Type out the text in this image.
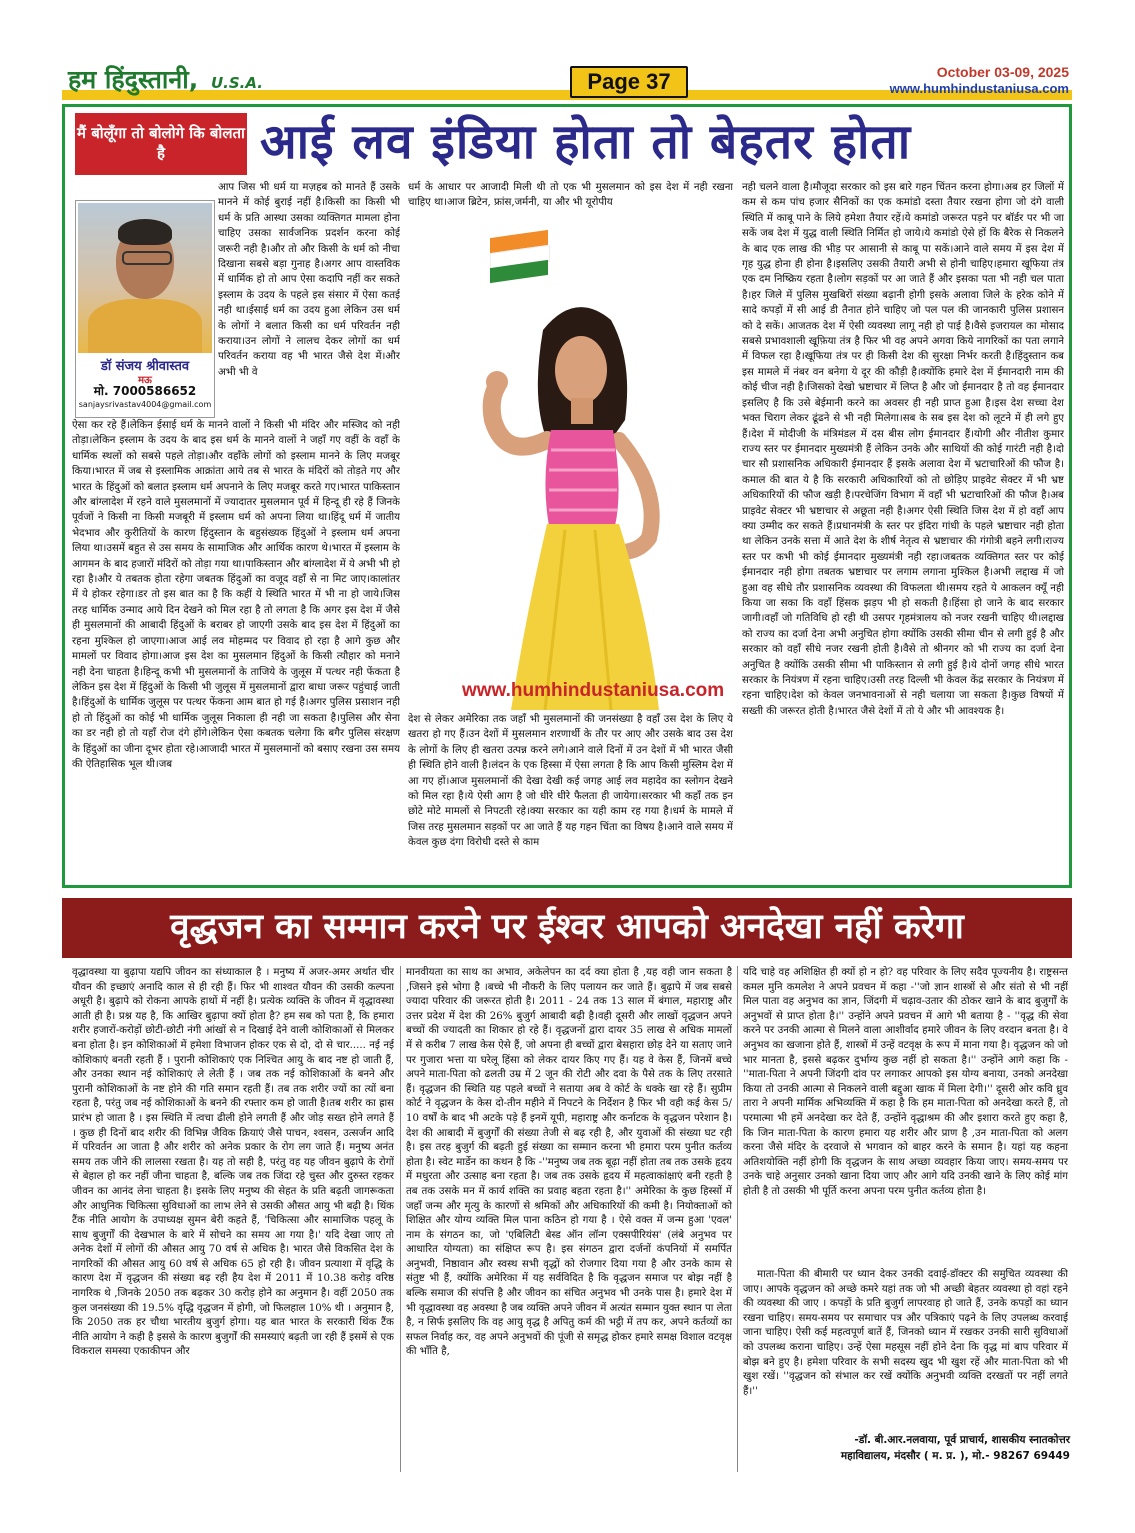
हम हिंदुस्तानी, U.S.A.	Page 37	October 03-09, 2025
www.humhindustaniusa.com
मैं बोलूँगा तो बोलोगे कि बोलता है	आई लव इंडिया होता तो बेहतर होता
डॉ संजय श्रीवास्तव
मऊ
मो. 7000586652
sanjaysrivastav4004@gmail.com

आप जिस भी धर्म या मज़हब को मानते हैं उसके मानने में कोई बुराई नहीं है।किसी का किसी भी धर्म के प्रति आस्था उसका व्यक्तिगत मामला होना चाहिए उसका सार्वजनिक प्रदर्शन करना कोई जरूरी नही है।और तो और किसी के धर्म को नीचा दिखाना सबसे बड़ा गुनाह है।अगर आप वास्तविक में धार्मिक हो तो आप ऐसा कदापि नहीं कर सकते इस्लाम के उदय के पहले इस संसार में ऐसा कतई नही था।ईसाई धर्म का उदय हुआ लेकिन उस धर्म के लोगों ने बलात किसी का धर्म परिवर्तन नही कराया।उन लोगों ने लालच देकर लोगों का धर्म परिवर्तन कराया वह भी भारत जैसे देश में।और अभी भी वे

ऐसा कर रहे हैं।लेकिन ईसाई धर्म के मानने वालों ने किसी भी मंदिर और मस्जिद को नही तोड़ा।लेकिन इस्लाम के उदय के बाद इस धर्म के मानने वालों ने जहाँ गए वहीं के वहाँ के धार्मिक स्थलों को सबसे पहले तोड़ा।और वहाँके लोगों को इस्लाम मानने के लिए मजबूर किया।भारत में जब से इस्लामिक आक्रांता आये तब से भारत के मंदिरों को तोड़ते गए और भारत के हिंदुओं को बलात इस्लाम धर्म अपनाने के लिए मजबूर करते गए।भारत पाकिस्तान और बांग्लादेश में रहने वाले मुसलमानों में ज्यादातर मुसलमान पूर्व में हिन्दू ही रहे हैं जिनके पूर्वजों ने किसी ना किसी मजबूरी में इस्लाम धर्म को अपना लिया था।हिंदू धर्म में जातीय भेदभाव और कुरीतियों के कारण हिंदुस्तान के बहुसंख्यक हिंदुओं ने इस्लाम धर्म अपना लिया था।उसमें बहुत से उस समय के सामाजिक और आर्थिक कारण थे।भारत में इस्लाम के आगमन के बाद हजारों मंदिरों को तोड़ा गया था।पाकिस्तान और बांग्लादेश में ये अभी भी हो रहा है।और ये तबतक होता रहेगा जबतक हिंदुओं का वजूद वहाँ से ना मिट जाए।कालांतर में ये होकर रहेगा।डर तो इस बात का है कि कहीं ये स्थिति भारत में भी ना हो जाये।जिस तरह धार्मिक उन्माद आये दिन देखने को मिल रहा है तो लगता है कि अगर इस देश में जैसे ही मुसलमानों की आबादी हिंदुओं के बराबर हो जाएगी उसके बाद इस देश में हिंदुओं का रहना मुश्किल हो जाएगा।आज आई लव मोहम्मद पर विवाद हो रहा है आगे कुछ और मामलों पर विवाद होगा।आज इस देश का मुसलमान हिंदुओं के किसी त्यौहार को मनाने नही देना चाहता है।हिन्दू कभी भी मुसलमानों के ताजिये के जुलूस में पत्थर नही फेंकता है लेकिन इस देश में हिंदुओं के किसी भी जुलूस में मुसलमानों द्वारा बाधा जरूर पहुंचाई जाती है।हिंदुओं के धार्मिक जुलूस पर पत्थर फेंकना आम बात हो गई है।अगर पुलिस प्रसाशन नही हो तो हिंदुओं का कोई भी धार्मिक जुलूस निकाला ही नही जा सकता है।पुलिस और सेना का डर नही हो तो यहाँ रोज दंगे होंगे।लेकिन ऐसा कबतक चलेगा कि बगैर पुलिस संरक्षण के हिंदुओं का जीना दूभर होता रहे।आजादी भारत में मुसलमानों को बसाए रखना उस समय की ऐतिहासिक भूल थी।जब

धर्म के आधार पर आजादी मिली थी तो एक भी मुसलमान को इस देश में नही रखना चाहिए था।आज ब्रिटेन, फ्रांस,जर्मनी, या और भी यूरोपीय

www.humhindustaniusa.com

देश से लेकर अमेरिका तक जहाँ भी मुसलमानों की जनसंख्या है वहाँ उस देश के लिए ये खतरा हो गए हैं।उन देशों में मुसलमान शरणार्थी के तौर पर आए और उसके बाद उस देश के लोगों के लिए ही खतरा उत्पन्न करने लगे।आने वाले दिनों में उन देशों में भी भारत जैसी ही स्थिति होने वाली है।लंदन के एक हिस्सा में ऐसा लगता है कि आप किसी मुस्लिम देश में आ गए हों।आज मुसलमानों की देखा देखी कई जगह आई लव महादेव का स्लोगन देखने को मिल रहा है।ये ऐसी आग है जो धीरे धीरे फैलता ही जायेगा।सरकार भी कहाँ तक इन छोटे मोटे मामलों से निपटती रहे।क्या सरकार का यही काम रह गया है।धर्म के मामले में जिस तरह मुसलमान सड़कों पर आ जाते हैं यह गहन चिंता का विषय है।आने वाले समय में केवल कुछ दंगा विरोधी दस्ते से काम

नही चलने वाला है।मौजूदा सरकार को इस बारे गहन चिंतन करना होगा।अब हर जिलों में कम से कम पांच हजार सैनिकों का एक कमांडो दस्ता तैयार रखना होगा जो दंगे वाली स्थिति में काबू पाने के लिये हमेशा तैयार रहें।ये कमांडो जरूरत पड़ने पर बॉर्डर पर भी जा सकें जब देश में युद्ध वाली स्थिति निर्मित हो जाये।ये कमांडो ऐसे हों कि बैरेक से निकलने के बाद एक लाख की भीड़ पर आसानी से काबू पा सकें।आने वाले समय में इस देश में गृह युद्ध होना ही होना है।इसलिए उसकी तैयारी अभी से होनी चाहिए।हमारा खूफिया तंत्र एक दम निष्क्रिय रहता है।लोग सड़कों पर आ जाते हैं और इसका पता भी नही चल पाता है।हर जिले में पुलिस मुखबिरों संख्या बढ़ानी होगी इसके अलावा जिले के हरेक कोने में सादे कपड़ों में सी आई डी तैनात होने चाहिए जो पल पल की जानकारी पुलिस प्रशासन को दे सकें। आजतक देश में ऐसी व्यवस्था लागू नही हो पाई है।वैसे इजरायल का मोसाद सबसे प्रभावशाली खूफ़िया तंत्र है फिर भी वह अपने अगवा किये नागरिकों का पता लगाने में विफल रहा है।खूफिया तंत्र पर ही किसी देश की सुरक्षा निर्भर करती है।हिंदुस्तान कब इस मामले में नंबर वन बनेगा ये दूर की कौड़ी है।क्योंकि हमारे देश में ईमानदारी नाम की कोई चीज नही है।जिसको देखो भ्रष्टाचार में लिप्त है और जो ईमानदार है तो वह ईमानदार इसलिए है कि उसे बेईमानी करने का अवसर ही नही प्राप्त हुआ है।इस देश सच्चा देश भक्त चिराग लेकर ढूंढने से भी नही मिलेगा।सब के सब इस देश को लूटने में ही लगे हुए हैं।देश में मोदीजी के मंत्रिमंडल में दस बीस लोग ईमानदार हैं।योगी और नीतीश कुमार राज्य स्तर पर ईमानदार मुख्यमंत्री हैं लेकिन उनके और साथियों की कोई गारंटी नही है।दो चार सौ प्रशासनिक अधिकारी ईमानदार हैं इसके अलावा देश में भ्रटाचारिओं की फौज है।कमाल की बात ये है कि सरकारी अधिकारियों को तो छोड़िए प्राइवेट सेक्टर में भी भ्रष्ट अधिकारियों की फौज खड़ी है।परचेजिंग विभाग में वहाँ भी भ्रटाचारिओं की फौज है।अब प्राइवेट सेक्टर भी भ्रष्टाचार से अछूता नही है।अगर ऐसी स्थिति जिस देश में हो वहाँ आप क्या उम्मीद कर सकते हैं।प्रधानमंत्री के स्तर पर इंदिरा गांधी के पहले भ्रष्टाचार नही होता था लेकिन उनके सत्ता में आते देश के शीर्ष नेतृत्व से भ्रष्टाचार की गंगोत्री बहने लगी।राज्य स्तर पर कभी भी कोई ईमानदार मुख्यमंत्री नही रहा।जबतक व्यक्तिगत स्तर पर कोई ईमानदार नही होगा तबतक भ्रष्टाचार पर लगाम लगाना मुश्किल है।अभी लद्दाख में जो हुआ वह सीधे तौर प्रशासनिक व्यवस्था की विफलता थी।समय रहते ये आकलन क्यूँ नही किया जा सका कि वहाँ हिंसक झड़प भी हो सकती है।हिंसा हो जाने के बाद सरकार जागी।वहाँ जो गतिविधि हो रही थी उसपर गृहमंत्रालय को नजर रखनी चाहिए थी।लद्दाख को राज्य का दर्जा देना अभी अनुचित होगा क्योंकि उसकी सीमा चीन से लगी हुई है और सरकार को वहाँ सीधे नजर रखनी होती है।वैसे तो श्रीनगर को भी राज्य का दर्जा देना अनुचित है क्योंकि उसकी सीमा भी पाकिस्तान से लगी हुई है।ये दोनों जगह सीधे भारत सरकार के नियंत्रण में रहना चाहिए।उसी तरह दिल्ली भी केवल केंद्र सरकार के नियंत्रण में रहना चाहिए।देश को केवल जनभावनाओं से नही चलाया जा सकता है।कुछ विषयों में सख्ती की जरूरत होती है।भारत जैसे देशों में तो ये और भी आवश्यक है।

वृद्धजन का सम्मान करने पर ईश्वर आपको अनदेखा नहीं करेगा

वृद्धावस्था या बुढ़ापा यद्यपि जीवन का संध्याकाल है । मनुष्य में अजर-अमर अर्थात चीर यौवन की इच्छाएं अनादि काल से ही रही हैं। फिर भी शाश्वत यौवन की उसकी कल्पना अधूरी है। बुढ़ापे को रोकना आपके हाथों में नहीं है। प्रत्येक व्यक्ति के जीवन में वृद्धावस्था आती ही है। प्रश्न यह है, कि आखिर बुढ़ापा क्यों होता है? हम सब को पता है, कि हमारा शरीर हजारों-करोड़ों छोटी-छोटी नंगी आंखों से न दिखाई देने वाली कोशिकाओं से मिलकर बना होता है। इन कोशिकाओं में हमेशा विभाजन होकर एक से दो, दो से चार..... नई नई कोशिकाएं बनती रहती हैं । पुरानी कोशिकाएं एक निश्चित आयु के बाद नष्ट हो जाती हैं, और उनका स्थान नई कोशिकाएं ले लेती हैं । जब तक नई कोशिकाओं के बनने और पुरानी कोशिकाओं के नष्ट होने की गति समान रहती हैं। तब तक शरीर ज्यों का त्यों बना रहता है, परंतु जब नई कोशिकाओं के बनने की रफ्तार कम हो जाती है।तब शरीर का ह्रास प्रारंभ हो जाता है । इस स्थिति में त्वचा ढीली होने लगती हैं और जोड़ सख्त होने लगते हैं । कुछ ही दिनों बाद शरीर की विभिन्न जैविक क्रियाएं जैसे पाचन, श्वसन, उत्सर्जन आदि में परिवर्तन आ जाता है और शरीर को अनेक प्रकार के रोग लग जाते हैं। मनुष्य अनंत समय तक जीने की लालसा रखता है। यह तो सही है, परंतु वह यह जीवन बुढ़ापे के रोगों से बेहाल हो कर नहीं जीना चाहता है, बल्कि जब तक जिंदा रहे चुस्त और दुरुस्त रहकर जीवन का आनंद लेना चाहता है। इसके लिए मनुष्य की सेहत के प्रति बढ़ती जागरूकता और आधुनिक चिकित्सा सुविधाओं का लाभ लेने से उसकी औसत आयु भी बढ़ी है। थिंक टैंक नीति आयोग के उपाध्यक्ष सुमन बेरी कहते हैं, 'चिकित्सा और सामाजिक पहलू के साथ बुजुर्गों की देखभाल के बारे में सोचने का समय आ गया है।' यदि देखा जाए तो अनेक देशों में लोगों की औसत आयु 70 वर्ष से अधिक है। भारत जैसे विकसित देश के नागरिकों की औसत आयु 60 वर्ष से अधिक 65 हो रही है। जीवन प्रत्याशा में वृद्धि के कारण देश में वृद्धजन की संख्या बढ़ रही हैय देश में 2011 में 10.38 करोड़ वरिष्ठ नागरिक थे ,जिनके 2050 तक बढ़कर 30 करोड़ होने का अनुमान है। वहीं 2050 तक कुल जनसंख्या की 19.5% वृद्धि वृद्धजन में होगी, जो फिलहाल 10% थी । अनुमान है, कि 2050 तक हर चौथा भारतीय बुजुर्ग होगा। यह बात भारत के सरकारी थिंक टैंक नीति आयोग ने कही है इससे के कारण बुजुर्गों की समस्याएं बढ़ती जा रही हैं इसमें से एक विकराल समस्या एकाकीपन और

मानवीयता का साथ का अभाव, अकेलेपन का दर्द क्या होता है ,यह वही जान सकता है ,जिसने इसे भोगा है ।बच्चे भी नौकरी के लिए पलायन कर जाते हैं। बुढ़ापे में जब सबसे ज्यादा परिवार की जरूरत होती है। 2011 - 24 तक 13 साल में बंगाल, महाराष्ट्र और उत्तर प्रदेश में देश की 26% बुजुर्ग आबादी बढ़ी है।वही दूसरी और लाखों वृद्धजन अपने बच्चों की ज्यादती का शिकार हो रहे हैं। वृद्धजनों द्वारा दायर 35 लाख से अधिक मामलों में से करीब 7 लाख केस ऐसे हैं, जो अपना ही बच्चों द्वारा बेसहारा छोड़ देने या सताए जाने पर गुजारा भत्ता या घरेलू हिंसा को लेकर दायर किए गए हैं। यह वे केस हैं, जिनमें बच्चे अपने माता-पिता को ढलती उम्र में 2 जून की रोटी और दवा के पैसे तक के लिए तरसाते हैं। वृद्धजन की स्थिति यह पहले बच्चों ने सताया अब वे कोर्ट के धक्के खा रहे हैं। सुप्रीम कोर्ट ने वृद्धजन के केस दो-तीन महीने में निपटने के निर्देशन है फिर भी वही कई केस 5/ 10 वर्षों के बाद भी अटके पड़े हैं इनमें यूपी, महाराष्ट्र और कर्नाटक के वृद्धजन परेशान है। देश की आबादी में बुजुर्गों की संख्या तेजी से बढ़ रही है, और युवाओं की संख्या घट रही है। इस तरह बुजुर्ग की बढ़ती हुई संख्या का सम्मान करना भी हमारा परम पुनीत कर्तव्य होता है। स्वेट मार्डेन का कथन है कि -''मनुष्य जब तक बूढ़ा नहीं होता तब तक उसके हृदय में मधुरता और उत्साह बना रहता है। जब तक उसके हृदय में महत्वाकांक्षाएं बनी रहती है तब तक उसके मन में कार्य शक्ति का प्रवाह बहता रहता है।'' अमेरिका के कुछ हिस्सों में जहाँ जन्म और मृत्यु के कारणों से श्रमिकों और अधिकारियों की कमी है। नियोक्ताओं को शिक्षित और योग्य व्यक्ति मिल पाना कठिन हो गया है । ऐसे वक्त में जन्म हुआ 'एवल' नाम के संगठन का, जो 'एबिलिटी बेस्ड ऑन लॉन्ग एक्सपीरियंस' (लंबे अनुभव पर आधारित योग्यता) का संक्षिप्त रूप है। इस संगठन द्वारा दर्जनों कंपनियों में समर्पित अनुभवी, निष्ठावान और स्वस्थ सभी वृद्धों को रोजगार दिया गया है और उनके काम से संतुष्ट भी हैं, क्योंकि अमेरिका में यह सर्वविदित है कि वृद्धजन समाज पर बोझ नहीं है बल्कि समाज की संपत्ति है और जीवन का संचित अनुभव भी उनके पास है। हमारे देश में भी वृद्धावस्था वह अवस्था है जब व्यक्ति अपने जीवन में अत्यंत सम्मान युक्त स्थान पा लेता है, न सिर्फ इसलिए कि वह आयु वृद्ध है अपितु कर्म की भट्ठी में तप कर, अपने कर्तव्यों का सफल निर्वाह कर, वह अपने अनुभवों की पूंजी से समृद्ध होकर हमारे समक्ष विशाल वटवृक्ष की भाँति है,

यदि चाहे वह अशिक्षित ही क्यों हो न हो? वह परिवार के लिए सदैव पूज्यनीय है। राष्ट्रसन्त कमल मुनि कमलेश ने अपने प्रवचन में कहा -''जो ज्ञान शास्त्रों से और संतो से भी नहीं मिल पाता वह अनुभव का ज्ञान, जिंदगी में चढ़ाव-उतार की ठोकर खाने के बाद बुजुर्गों के अनुभवों से प्राप्त होता है।'' उन्होंने अपने प्रवचन में आगे भी बताया है - ''वृद्ध की सेवा करने पर उनकी आत्मा से मिलने वाला आशीर्वाद हमारे जीवन के लिए वरदान बनता है। वे अनुभव का खजाना होते हैं, शास्त्रों में उन्हें वटवृक्ष के रूप में माना गया है। वृद्धजन को जो भार मानता है, इससे बढ़कर दुर्भाग्य कुछ नहीं हो सकता है।'' उन्होंने आगे कहा कि -''माता-पिता ने अपनी जिंदगी दांव पर लगाकर आपको इस योग्य बनाया, उनको अनदेखा किया तो उनकी आत्मा से निकलने वाली बद्दुआ खाक में मिला देगी।'' दूसरी ओर कवि ध्रुव तारा ने अपनी मार्मिक अभिव्यक्ति में कहा है कि हम माता-पिता को अनदेखा करते हैं, तो परमात्मा भी हमें अनदेखा कर देते हैं, उन्होंने वृद्धाश्रम की और इशारा करते हुए कहा है, कि जिन माता-पिता के कारण हमारा यह शरीर और प्राण है ,उन माता-पिता को अलग करना जैसे मंदिर के दरवाजे से भगवान को बाहर करने के समान है। यहां यह कहना अतिशयोक्ति नहीं होगी कि वृद्धजन के साथ अच्छा व्यवहार किया जाए। समय-समय पर उनके चाहे अनुसार उनको खाना दिया जाए और आगे यदि उनकी खाने के लिए कोई मांग होती है तो उसकी भी पूर्ति करना अपना परम पुनीत कर्तव्य होता है।

माता-पिता की बीमारी पर ध्यान देकर उनकी दवाई-डॉक्टर की समुचित व्यवस्था की जाए। आपके वृद्धजन को अच्छे कमरे यहां तक जो भी अच्छी बेहतर व्यवस्था हो वहां रहने की व्यवस्था की जाए । कपड़ों के प्रति बुजुर्ग लापरवाह हो जाते हैं, उनके कपड़ों का ध्यान रखना चाहिए। समय-समय पर समाचार पत्र और पत्रिकाएं पढ़ने के लिए उपलब्ध करवाई जाना चाहिए। ऐसी कई महत्वपूर्ण बातें हैं, जिनको ध्यान में रखकर उनकी सारी सुविधाओं को उपलब्ध कराना चाहिए। उन्हें ऐसा महसूस नहीं होने देना कि वृद्ध मां बाप परिवार में बोझ बने हुए है। हमेशा परिवार के सभी सदस्य खुद भी खुश रहें और माता-पिता को भी खुश रखें। ''वृद्धजन को संभाल कर रखें क्योंकि अनुभवी व्यक्ति दरखतों पर नहीं लगते हैं।''

-डॉ. बी.आर.नलवाया, पूर्व प्राचार्य, शासकीय स्नातकोत्तर
महाविद्यालय, मंदसौर ( म. प्र. ), मो.- 98267 69449
